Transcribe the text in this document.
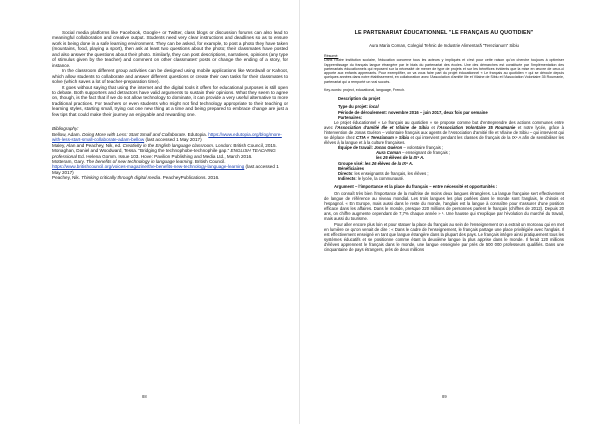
Social media platforms like Facebook, Google+ or Twitter, class blogs or discussion forums can also lead to meaningful collaboration and creative output. Students need very clear instructions and deadlines so as to ensure work is being done in a safe learning environment. They can be asked, for example, to post a photo they have taken (mountains, food, playing a sport), then ask at least two questions about the photo; their classmates have posted and also answer the questions about their photo. Similarly, they can post descriptions, narratives, opinions (any type of stimulus given by the teacher) and comment on other classmates' posts or change the ending of a story, for instance.

In the classroom different group activities can be designed using mobile applications like Wordwall or Kahoot, which allow students to collaborate and answer different questions or create their own tasks for their classmates to solve (which saves a lot of teacher-preparation time).

It goes without saying that using the internet and the digital tools it offers for educational purposes is still open to debate. Both supporters and detractors have valid arguments to sustain their opinions. What they seem to agree on, though, is the fact that if we do not allow technology to dominate, it can provide a very useful alternative to more traditional practices. For teachers or even students who might not find technology appropriate to their teaching or learning styles, starting small, trying out one new thing at a time and being prepared to embrace change are just a few tips that could make their journey an enjoyable and rewarding one.

Bibliography:

Bellow, Adam. Doing More with Less: Start Small and Collaborate. Edutopia. https://www.edutopia.org/blog/more-with-less-start-small-collaborate-adam-bellow (last accessed 1 May 2017)

Maley, Alan and Peachey, Nik, ed. Creativity in the English language classroom. London: British Council, 2015.

Monaghan, Daniel and Woodward, Tessa. "Bridging the technophobe-technophile gap." ENGLISH TEACHING professional Ed. Helena Gomm. Issue 103. Hove: Pavilion Publishing and Media Ltd., March 2016.

Motteram, Gary. The benefits of new technology in language learning. British Council. https://www.britishcouncil.org/voices-magazine/the-benefits-new-technology-language-learning (last accessed 1 May 2017)

Peachey, Nik. Thinking critically through digital media. PeacheyPublications. 2016.

88

LE PARTENARIAT ÉDUCATIONNEL "LE FRANÇAIS AU QUOTIDIEN"

Aura Maria Coman, Colegiul Tehnic de Industrie Alimentară "Terezianum" Sibiu

Résumé:

Dans l'outre institution scolaire, l'éducation concerne tous les acteurs y impliqués et c'est pour cette raison qu'on cherche toujours à optimiser l'apprentissage du français langue étrangère par le biais du partenariat des écoles. Une des démarches est constituée par l'implémentation des partenariats éducationnels qui reposent sur la nécessité de mener de type de projets et sur les bénéfices évidents que la mise en œuvre de ceux-ci apporte aux enfants apprenants. Pour exemplifier, on va vous faire part du projet éducationnel « Le français au quotidien » qui se déroule depuis quelques années dans notre établissement, en collaboration avec l'Association d'amitié Ille et Vilaine de Sibiu et l'Association Volontaire 35 Roumanie, partenariat qui a remporté un vrai succès.

Key-words: project, educational, language, French.

Description du projet

Type du projet: local

Période de déroulement: novembre 2016 – juin 2017, deux fois par semaine

Partenaires:

Le projet éducationnel « Le français au quotidien » se propose comme but d'entreprendre des actions communes entre avec l'Association d'amitié Ille et Vilaine de Sibiu et l'Association Volontaire 35 Roumanie et notre lycée, grâce à l'intervention de Jonas Guéron – volontaire français aux agents de l'Association d'amitié Ille et Vilaine de Sibiu – qui intervient qui se déplace chez CTIA « Terezianum » Sibiu et qui intervient pendant les classes de français de la IXᵉ A afin de sensibiliser les élèves à la langue et à la culture françaises.

Équipe de travail: Jonas Guéron – volontaire français ;

Aura Coman – enseignant de français ;

les 26 élèves de la IXᵉ A.

Groupe visé: les 26 élèves de la IXᵉ A.

Bénéficiaires

Directs: les enseignants de français, les élèves ;

Indirects: le lycée, la communauté.

Argument – l'importance et la place du français – entre nécessité et opportunités :

On connaît très bien l'importance de la maîtrise de moins deux langues étrangères. La langue française sert effectivement de langue de référence au niveau mondial. Les trois langues les plus parlées dans le monde sont l'anglais, le chinois et l'espagnol. « En Europe, mais aussi dans le reste du monde, l'anglais est la langue à connaître pour s'assurer d'une position efficace dans les affaires. Dans le monde, presque 220 millions de personnes parlent le français (chiffres de 2012). Depuis 20 ans, on chiffre augmente cependant de 7,7% chaque année » ¹. Une hausse qui s'explique par l'évolution du marché du travail, mais aussi du tourisme.

Pour aller encore plus loin et pour statuer la place du français au sein de l'enseignement on a extrait un morceau qui en met en lumière ce qu'on venait de dire : « Dans le cadre de l'enseignement, le français partage une place privilégiée avec l'anglais. Il est effectivement enseigné en tant que langue étrangère dans la plupart des pays. Le français intègre ainsi pratiquement tous les systèmes éducatifs et se positionne comme étant la deuxième langue la plus apprise dans le monde. Il ferait 120 millions d'élèves apprennent le français dans le monde, une langue enseignée par près de 500 000 professeurs qualifiés. Dans une cinquantaine de pays étrangers, près de deux millions

89
